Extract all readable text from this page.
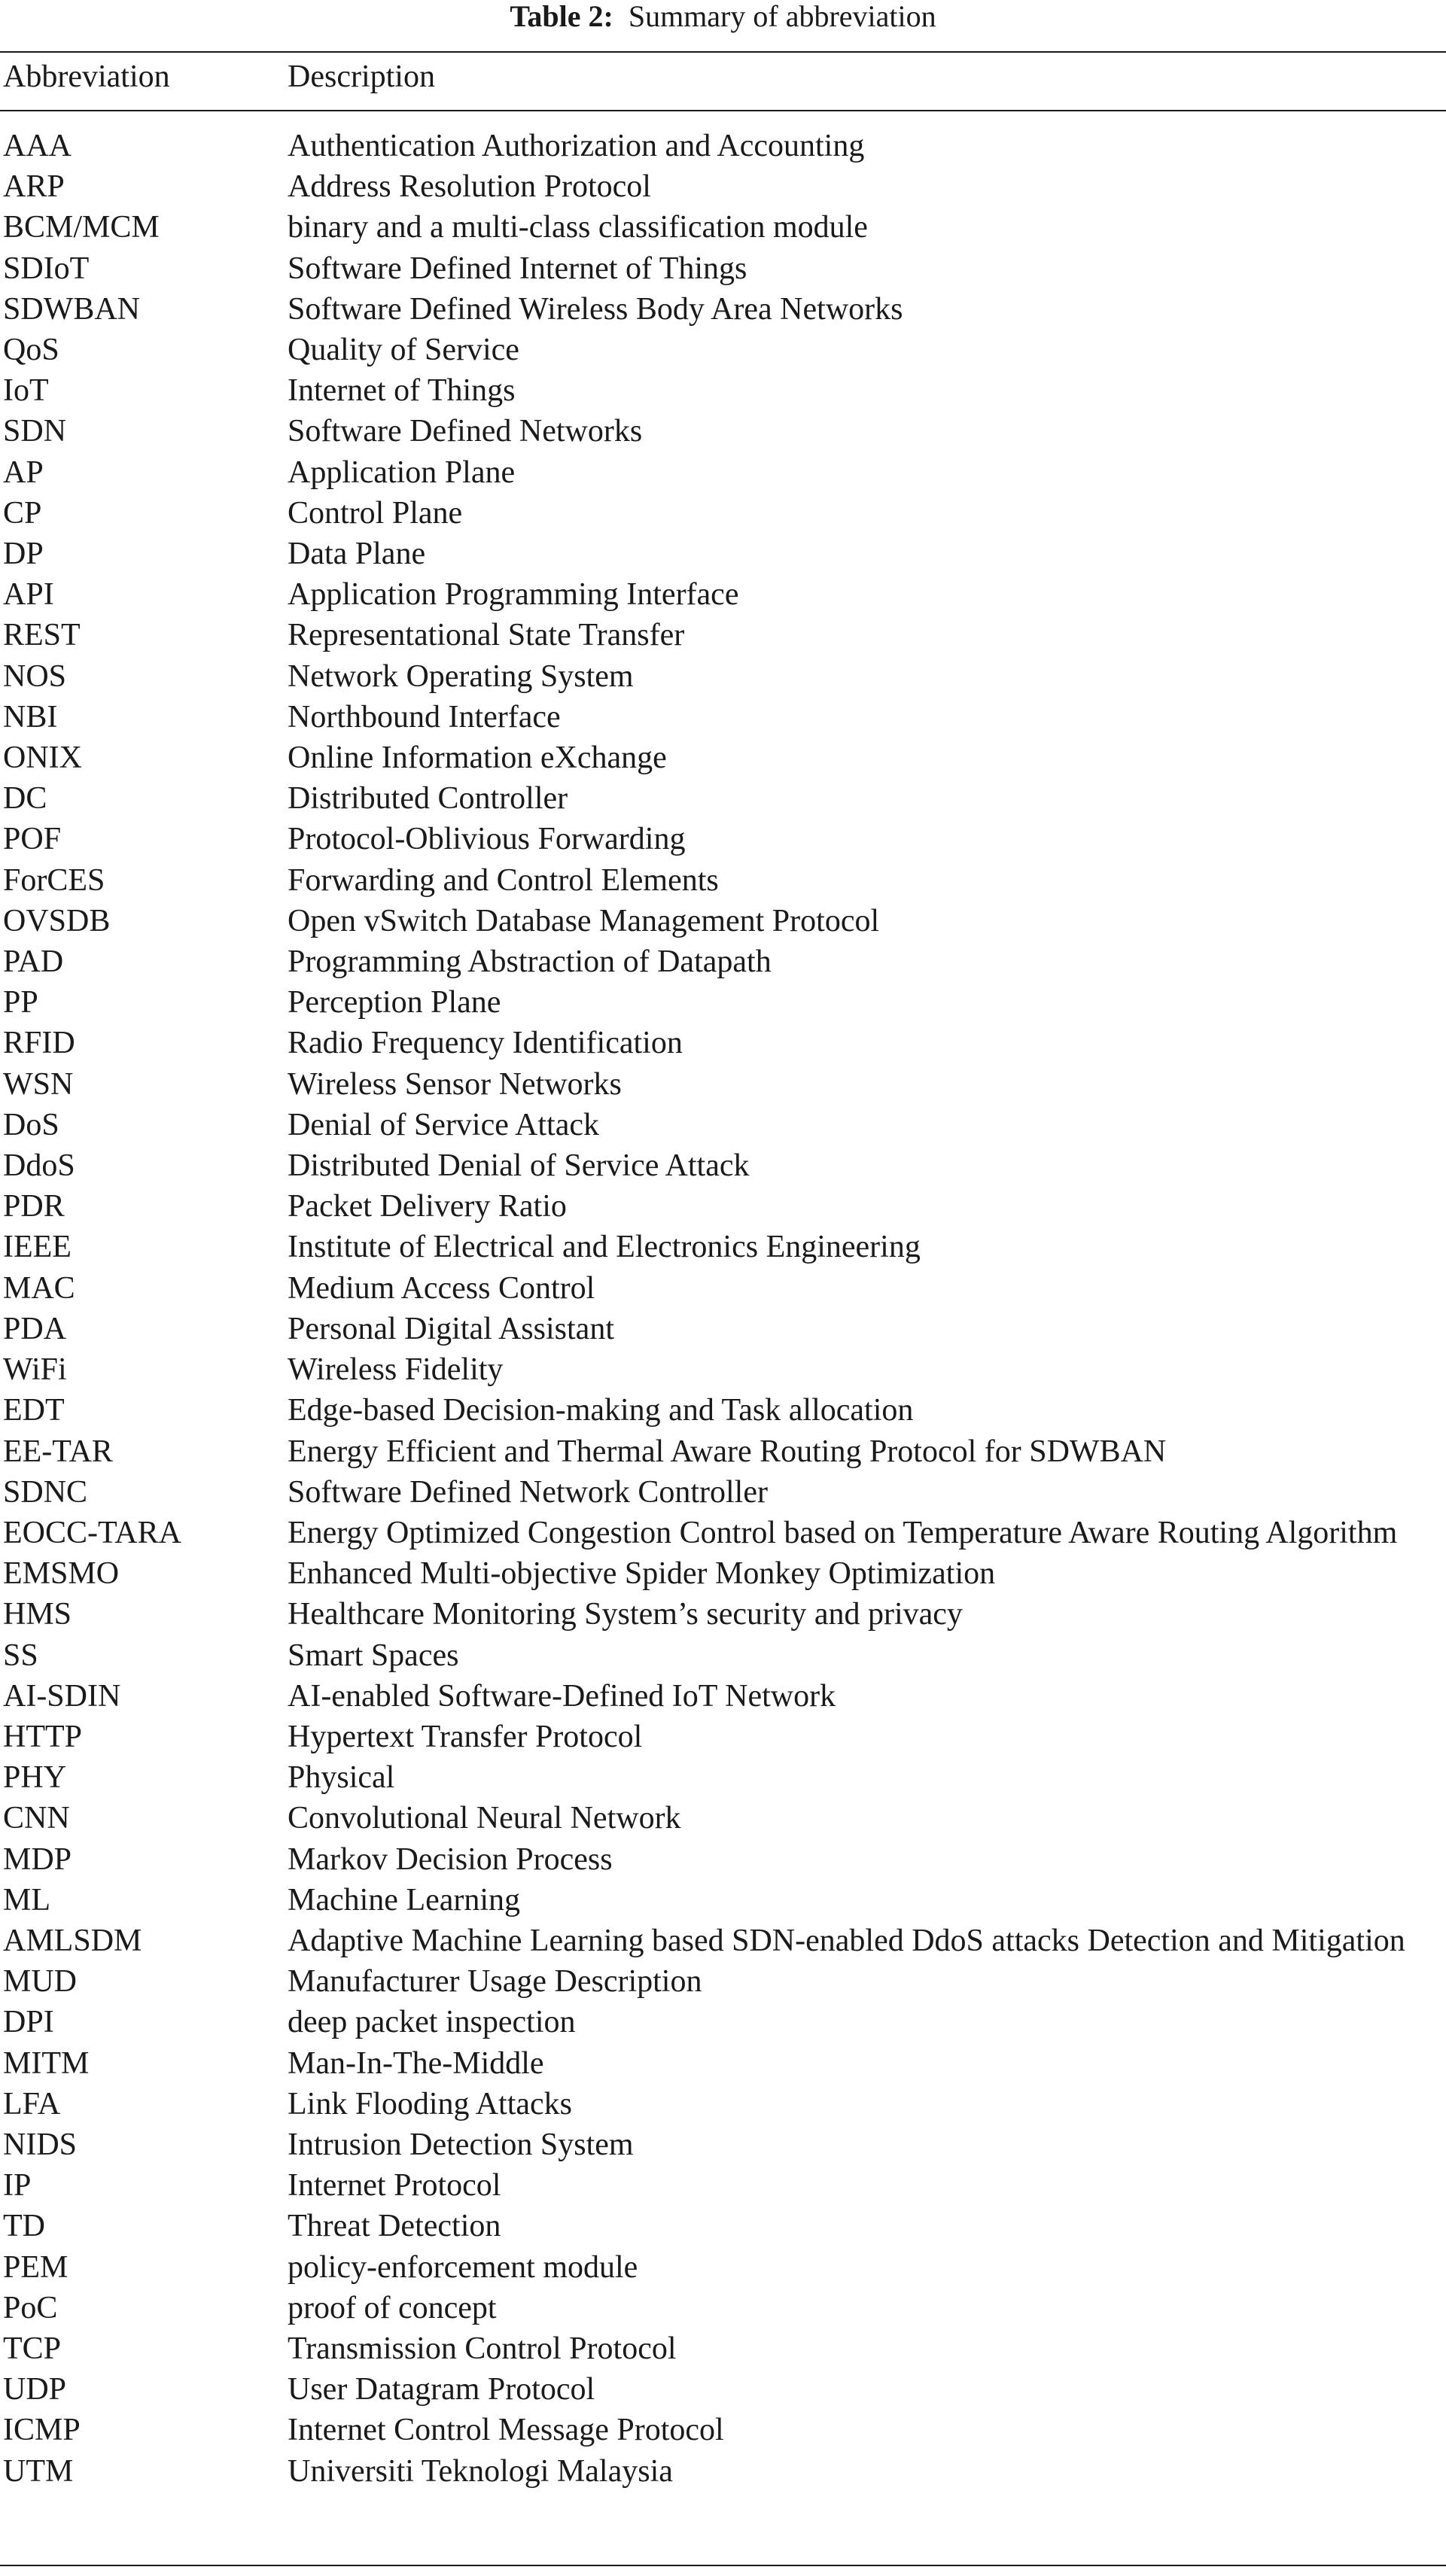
Table 2: Summary of abbreviation
Abbreviation	Description
AAA	Authentication Authorization and Accounting
ARP	Address Resolution Protocol
BCM/MCM	binary and a multi-class classification module
SDIoT	Software Defined Internet of Things
SDWBAN	Software Defined Wireless Body Area Networks
QoS	Quality of Service
IoT	Internet of Things
SDN	Software Defined Networks
AP	Application Plane
CP	Control Plane
DP	Data Plane
API	Application Programming Interface
REST	Representational State Transfer
NOS	Network Operating System
NBI	Northbound Interface
ONIX	Online Information eXchange
DC	Distributed Controller
POF	Protocol-Oblivious Forwarding
ForCES	Forwarding and Control Elements
OVSDB	Open vSwitch Database Management Protocol
PAD	Programming Abstraction of Datapath
PP	Perception Plane
RFID	Radio Frequency Identification
WSN	Wireless Sensor Networks
DoS	Denial of Service Attack
DdoS	Distributed Denial of Service Attack
PDR	Packet Delivery Ratio
IEEE	Institute of Electrical and Electronics Engineering
MAC	Medium Access Control
PDA	Personal Digital Assistant
WiFi	Wireless Fidelity
EDT	Edge-based Decision-making and Task allocation
EE-TAR	Energy Efficient and Thermal Aware Routing Protocol for SDWBAN
SDNC	Software Defined Network Controller
EOCC-TARA	Energy Optimized Congestion Control based on Temperature Aware Routing Algorithm
EMSMO	Enhanced Multi-objective Spider Monkey Optimization
HMS	Healthcare Monitoring System’s security and privacy
SS	Smart Spaces
AI-SDIN	AI-enabled Software-Defined IoT Network
HTTP	Hypertext Transfer Protocol
PHY	Physical
CNN	Convolutional Neural Network
MDP	Markov Decision Process
ML	Machine Learning
AMLSDM	Adaptive Machine Learning based SDN-enabled DdoS attacks Detection and Mitigation
MUD	Manufacturer Usage Description
DPI	deep packet inspection
MITM	Man-In-The-Middle
LFA	Link Flooding Attacks
NIDS	Intrusion Detection System
IP	Internet Protocol
TD	Threat Detection
PEM	policy-enforcement module
PoC	proof of concept
TCP	Transmission Control Protocol
UDP	User Datagram Protocol
ICMP	Internet Control Message Protocol
UTM	Universiti Teknologi Malaysia
